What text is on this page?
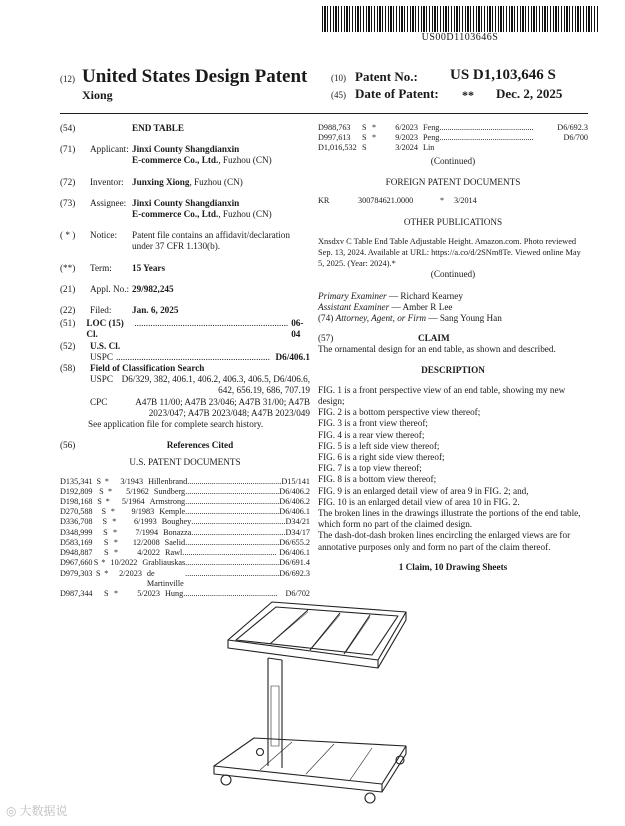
US00D1103646S
(12) United States Design Patent
Xiong
(10) Patent No.: US D1,103,646 S
(45) Date of Patent: ** Dec. 2, 2025
(54)	END TABLE
(71)	Applicant: Jinxi County Shangdianxin
E-commerce Co., Ltd., Fuzhou (CN)
(72)	Inventor: Junxing Xiong, Fuzhou (CN)
(73)	Assignee: Jinxi County Shangdianxin
E-commerce Co., Ltd., Fuzhou (CN)
( * )	Notice:	Patent file contains an affidavit/declaration under 37 CFR 1.130(b).
(**)	Term:	15 Years
(21)	Appl. No.: 29/982,245
(22)	Filed:	Jan. 6, 2025
(51)	LOC (15) Cl.
................................................................... 06-04
(52)	U.S. Cl.
USPC ................................................................... D6/406.1
(58)	Field of Classification Search
USPC D6/329, 382, 406.1, 406.2, 406.3, 406.5, D6/406.6, 642, 656.19, 686, 707.19
CPC	A47B 11/00; A47B 23/046; A47B 31/00; A47B 2023/047; A47B 2023/048; A47B 2023/049
See application file for complete search history.
(56)	References Cited
U.S. PATENT DOCUMENTS
D135,341 S *	3/1943 Hillenbrand .............................................. D15/141
D192,809 S *	5/1962 Sundberg .............................................. D6/406.2
D198,168 S *	5/1964 Armstrong .............................................. D6/406.2
D270,588	S *	9/1983 Kemple .............................................. D6/406.1
D336,708	S *	6/1993 Boughey .............................................. D34/21
D348,999	S *	7/1994 Bonazza .............................................. D34/17
D583,169	S *	12/2008 Saelid .............................................. D6/655.2
D948,887	S *	4/2022 Rawl .............................................. D6/406.1
D967,660 S * 10/2022 Grabliauskas .............................................. D6/691.4
D979,303 S *	2/2023 de Martinville
.............................................. D6/692.3
D987,344	S *	5/2023 Hung .............................................. D6/702
D988,763	S *	6/2023 Feng ..............................................	D6/692.3
D997,613	S *	9/2023 Peng ..............................................	D6/700
D1,016,532 S	3/2024 Lin
(Continued)
FOREIGN PATENT DOCUMENTS
KR	300784621.0000	*	3/2014
OTHER PUBLICATIONS
Xnsdxv C Table End Table Adjustable Height. Amazon.com. Photo reviewed Sep. 13, 2024. Available at URL: https://a.co/d/2SNm8Te. Viewed online May 5, 2025. (Year: 2024).*
(Continued)
Primary Examiner — Richard Kearney
Assistant Examiner — Amber R Lee
(74) Attorney, Agent, or Firm — Sang Young Han
(57)	CLAIM
The ornamental design for an end table, as shown and described.
DESCRIPTION
FIG. 1 is a front perspective view of an end table, showing my new design;
FIG. 2 is a bottom perspective view thereof;
FIG. 3 is a front view thereof;
FIG. 4 is a rear view thereof;
FIG. 5 is a left side view thereof;
FIG. 6 is a right side view thereof;
FIG. 7 is a top view thereof;
FIG. 8 is a bottom view thereof;
FIG. 9 is an enlarged detail view of area 9 in FIG. 2; and,
FIG. 10 is an enlarged detail view of area 10 in FIG. 2.
The broken lines in the drawings illustrate the portions of the end table, which form no part of the claimed design.
The dash-dot-dash broken lines encircling the enlarged views are for annotative purposes only and form no part of the claim thereof.
1 Claim, 10 Drawing Sheets
◎ 大数据说
